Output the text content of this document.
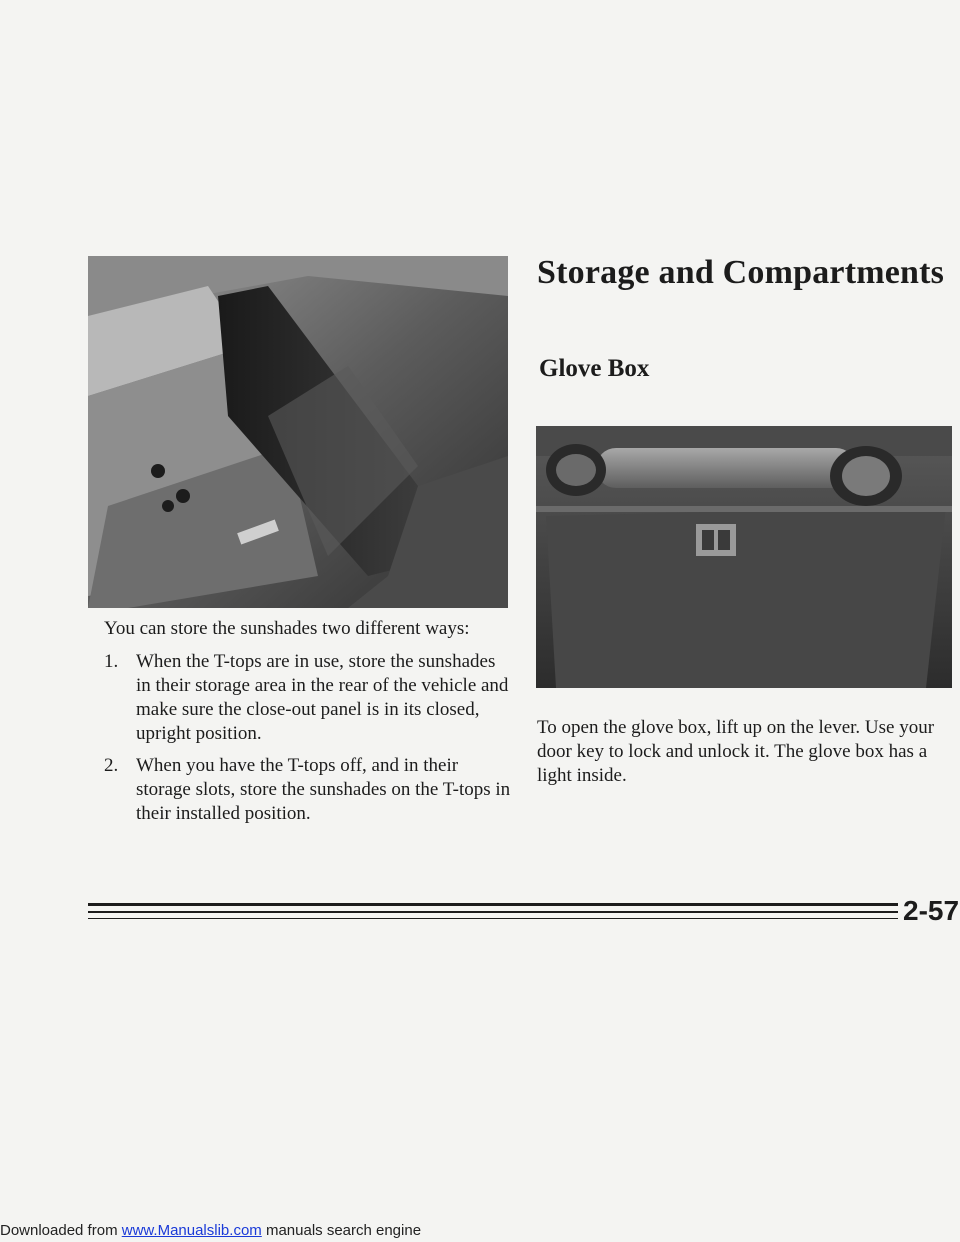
You can store the sunshades two different ways:
1. When the T-tops are in use, store the sunshades in their storage area in the rear of the vehicle and make sure the close-out panel is in its closed, upright position.
2. When you have the T-tops off, and in their storage slots, store the sunshades on the T-tops in their installed position.
Storage and Compartments
Glove Box
To open the glove box, lift up on the lever. Use your door key to lock and unlock it. The glove box has a light inside.
2-57
Downloaded from www.Manualslib.com manuals search engine
